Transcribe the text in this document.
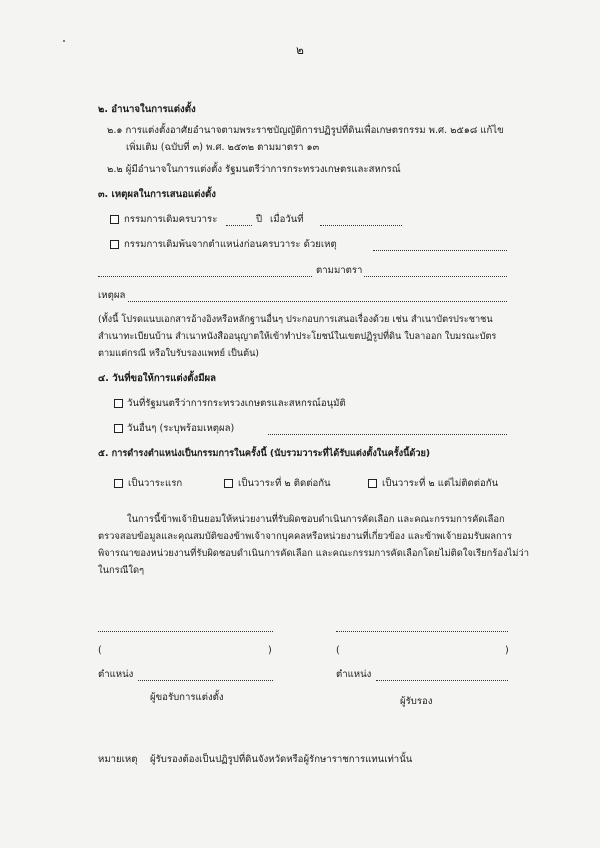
๒
๒. อำนาจในการแต่งตั้ง
๒.๑ การแต่งตั้งอาศัยอำนาจตามพระราชบัญญัติการปฏิรูปที่ดินเพื่อเกษตรกรรม พ.ศ. ๒๕๑๘ แก้ไข
เพิ่มเติม (ฉบับที่ ๓) พ.ศ. ๒๕๓๒ ตามมาตรา ๑๓
๒.๒ ผู้มีอำนาจในการแต่งตั้ง รัฐมนตรีว่าการกระทรวงเกษตรและสหกรณ์
๓. เหตุผลในการเสนอแต่งตั้ง
กรรมการเดิมครบวาระ	ปี เมื่อวันที่
กรรมการเดิมพ้นจากตำแหน่งก่อนครบวาระ ด้วยเหตุ
ตามมาตรา
เหตุผล
(ทั้งนี้ โปรดแนบเอกสารอ้างอิงหรือหลักฐานอื่นๆ ประกอบการเสนอเรื่องด้วย เช่น สำเนาบัตรประชาชน
สำเนาทะเบียนบ้าน สำเนาหนังสืออนุญาตให้เข้าทำประโยชน์ในเขตปฏิรูปที่ดิน ใบลาออก ใบมรณะบัตร
ตามแต่กรณี หรือใบรับรองแพทย์ เป็นต้น)
๔. วันที่ขอให้การแต่งตั้งมีผล
วันที่รัฐมนตรีว่าการกระทรวงเกษตรและสหกรณ์อนุมัติ
วันอื่นๆ (ระบุพร้อมเหตุผล)
๕. การดำรงตำแหน่งเป็นกรรมการในครั้งนี้ (นับรวมวาระที่ได้รับแต่งตั้งในครั้งนี้ด้วย)
เป็นวาระแรก	เป็นวาระที่ ๒ ติดต่อกัน	เป็นวาระที่ ๒ แต่ไม่ติดต่อกัน
ในการนี้ข้าพเจ้ายินยอมให้หน่วยงานที่รับผิดชอบดำเนินการคัดเลือก และคณะกรรมการคัดเลือก
ตรวจสอบข้อมูลและคุณสมบัติของข้าพเจ้าจากบุคคลหรือหน่วยงานที่เกี่ยวข้อง และข้าพเจ้ายอมรับผลการ
พิจารณาของหน่วยงานที่รับผิดชอบดำเนินการคัดเลือก และคณะกรรมการคัดเลือกโดยไม่ติดใจเรียกร้องไม่ว่า
ในกรณีใดๆ
(	)
ตำแหน่ง
ผู้ขอรับการแต่งตั้ง
(	)
ตำแหน่ง
ผู้รับรอง
หมายเหตุ ผู้รับรองต้องเป็นปฏิรูปที่ดินจังหวัดหรือผู้รักษาราชการแทนเท่านั้น
